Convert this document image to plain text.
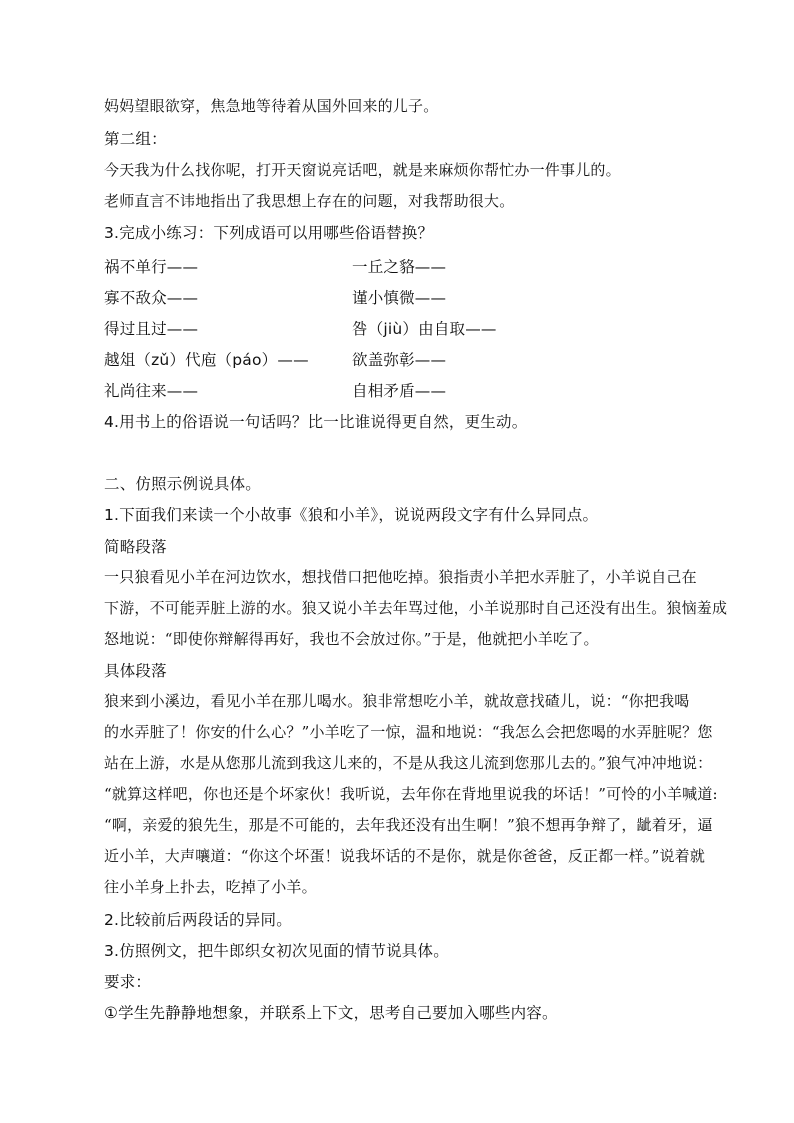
妈妈望眼欲穿，焦急地等待着从国外回来的儿子。
第二组：
今天我为什么找你呢，打开天窗说亮话吧，就是来麻烦你帮忙办一件事儿的。
老师直言不讳地指出了我思想上存在的问题，对我帮助很大。
3.完成小练习：下列成语可以用哪些俗语替换？
祸不单行——	一丘之貉——
寡不敌众——	谨小慎微——
得过且过——	咎（jiù）由自取——
越俎（zǔ）代庖（páo）——	欲盖弥彰——
礼尚往来——	自相矛盾——
4.用书上的俗语说一句话吗？比一比谁说得更自然，更生动。
二、仿照示例说具体。
1.下面我们来读一个小故事《狼和小羊》，说说两段文字有什么异同点。
简略段落
一只狼看见小羊在河边饮水，想找借口把他吃掉。狼指责小羊把水弄脏了，小羊说自己在
下游，不可能弄脏上游的水。狼又说小羊去年骂过他，小羊说那时自己还没有出生。狼恼羞成
怒地说：“即使你辩解得再好，我也不会放过你。”于是，他就把小羊吃了。
具体段落
狼来到小溪边，看见小羊在那儿喝水。狼非常想吃小羊，就故意找碴儿，说：“你把我喝
的水弄脏了！你安的什么心？”小羊吃了一惊，温和地说：“我怎么会把您喝的水弄脏呢？您
站在上游，水是从您那儿流到我这儿来的，不是从我这儿流到您那儿去的。”狼气冲冲地说：
“就算这样吧，你也还是个坏家伙！我听说，去年你在背地里说我的坏话！”可怜的小羊喊道:
“啊，亲爱的狼先生，那是不可能的，去年我还没有出生啊！”狼不想再争辩了，龇着牙，逼
近小羊，大声嚷道：“你这个坏蛋！说我坏话的不是你，就是你爸爸，反正都一样。”说着就
往小羊身上扑去，吃掉了小羊。
2.比较前后两段话的异同。
3.仿照例文，把牛郎织女初次见面的情节说具体。
要求：
①学生先静静地想象，并联系上下文，思考自己要加入哪些内容。
